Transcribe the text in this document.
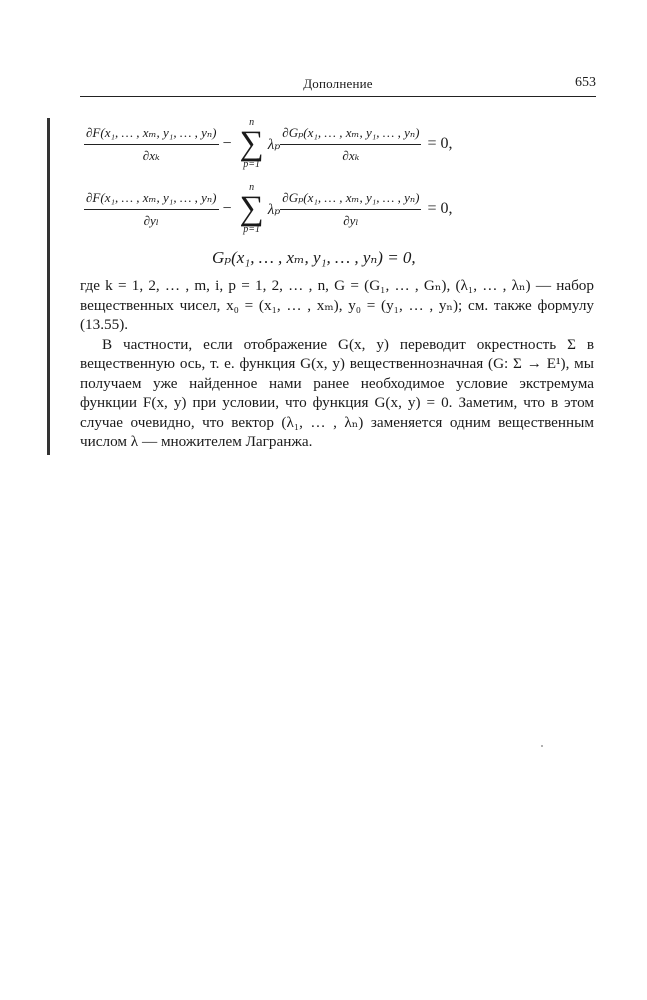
Дополнение	653
$\frac{\text{∂F(x₁, … , xₘ, y₁, … , yₙ)}}{\text{∂xₖ}}$ −
n
∑
p=1
λₚ $\frac{\text{∂Gₚ(x₁, … , xₘ, y₁, … , yₙ)}}{\text{∂xₖ}} = 0$,
$\frac{\text{∂F(x₁, … , xₘ, y₁, … , yₙ)}}{\text{∂yₗ}}$ −
n
∑
p=1
λₚ $\frac{\text{∂Gₚ(x₁, … , xₘ, y₁, … , yₙ)}}{\text{∂yₗ}} = 0$,
Gₚ(x₁, … , xₘ, y₁, … , yₙ) = 0,

где k = 1, 2, … , m, i, p = 1, 2, … , n, G = (G₁, … , Gₙ), (λ₁, … , λₙ) — набор вещественных чисел, x₀ = (x₁, … , xₘ), y₀ = (y₁, … , yₙ); см. также формулу (13.55).

В частности, если отображение G(x, y) переводит окрестность Σ в вещественную ось, т. е. функция G(x, y) вещественнозначная (G: Σ → E¹), мы получаем уже найденное нами ранее необходимое условие экстремума функции F(x, y) при условии, что функция G(x, y) = 0. Заметим, что в этом случае очевидно, что вектор (λ₁, … , λₙ) заменяется одним вещественным числом λ — множителем Лагранжа.
